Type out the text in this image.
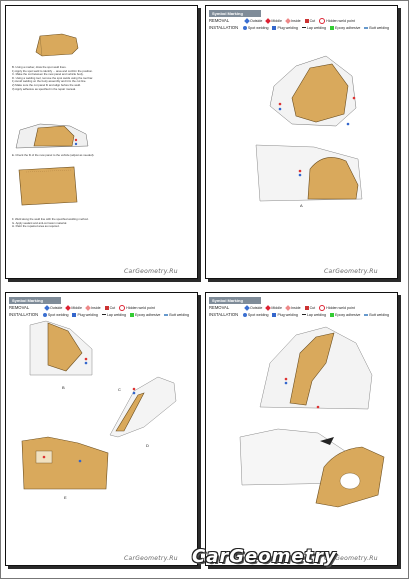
B. Using a marker, draw the spot weld lines.
1) Apply the spot weld to identify ... area and confirm the position.
C. Make the cut between the new panel and vehicle body.
D. Using a welding tool, remove the spot welds using the tool bar.
1) Avoid welding on the body assembly and trim the cut line.
2) Make sure the cut panel fit and align before the weld.
3) Apply adhesive as specified in the repair manual.
E. Check the fit of the new panel to the vehicle (adjust as needed).
F. Weld along the weld line with the specified welding method.
G. Apply sealant and anti-corrosion material.
H. Paint the repaired area as required.
CarGeometry.Ru
Symbol Marking
REMOVAL	Outside	Middle	Inside	Cut	Hidden weld point
INSTALLATION	Spot welding	Plug welding	Lap welding	Epoxy adhesive	Butt welding
A
CarGeometry.Ru
Symbol Marking
REMOVAL	Outside	Middle	Inside	Cut	Hidden weld point
INSTALLATION	Spot welding	Plug welding	Lap welding	Epoxy adhesive	Butt welding
B	C
D
E
CarGeometry.Ru
Symbol Marking
REMOVAL	Outside	Middle	Inside	Cut	Hidden weld point
INSTALLATION	Spot welding	Plug welding	Lap welding	Epoxy adhesive	Butt welding
CarGeometry.Ru
CarGeometry
